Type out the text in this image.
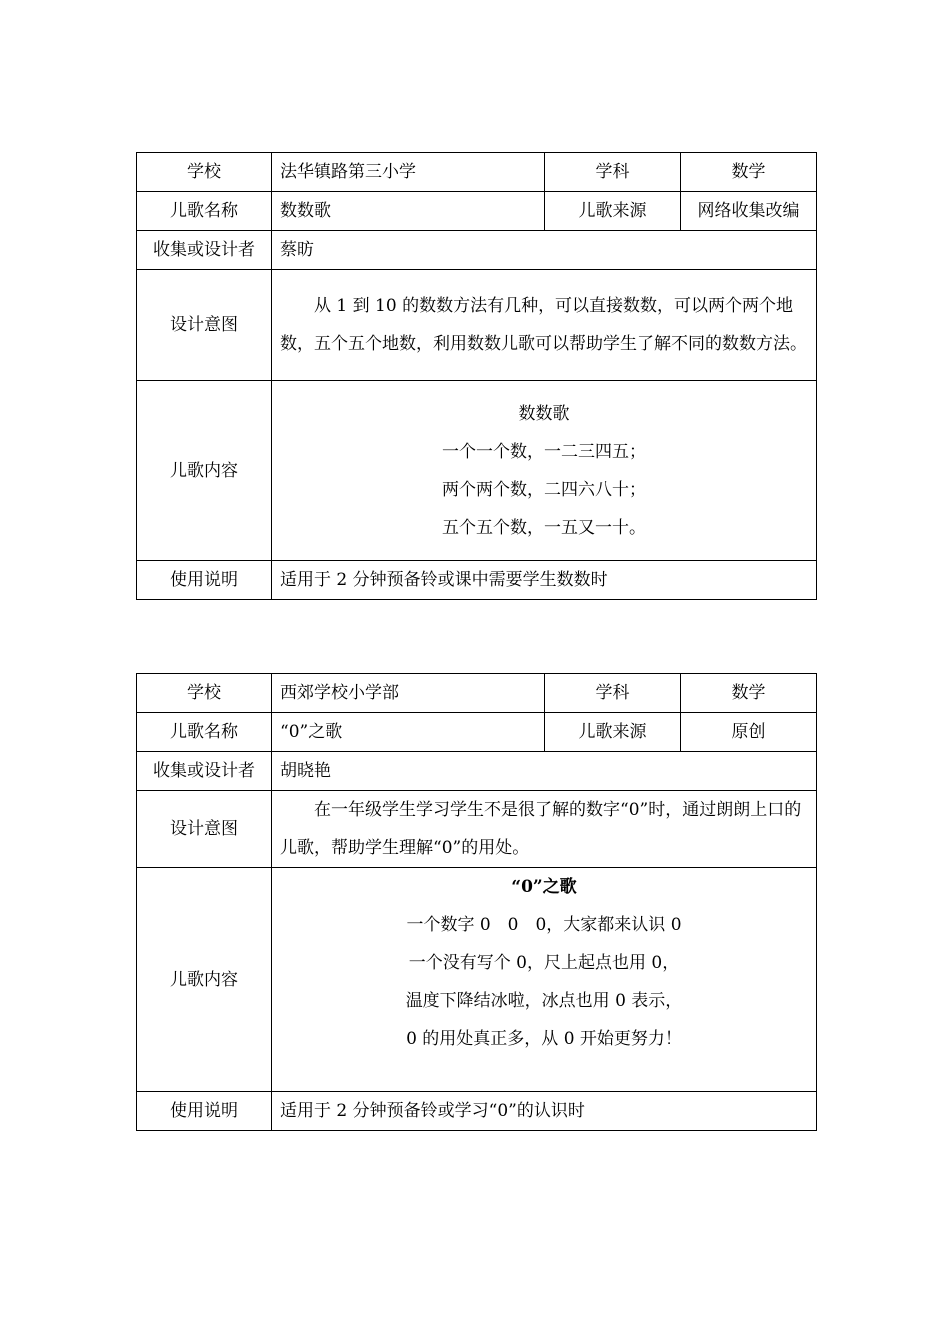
学校	法华镇路第三小学	学科	数学
儿歌名称	数数歌	儿歌来源	网络收集改编
收集或设计者	蔡昉		
设计意图	从 1 到 10 的数数方法有几种，可以直接数数，可以两个两个地数，五个五个地数，利用数数儿歌可以帮助学生了解不同的数数方法。		
儿歌内容	数数歌
一个一个数，一二三四五；
两个两个数，二四六八十；
五个五个数，一五又一十。		

使用说明	适用于 2 分钟预备铃或课中需要学生数数时		
学校	西郊学校小学部	学科	数学
儿歌名称	“0”之歌	儿歌来源	原创
收集或设计者	胡晓艳		
设计意图	在一年级学生学习学生不是很了解的数字“0”时，通过朗朗上口的儿歌，帮助学生理解“0”的用处。		
儿歌内容	“0”之歌
一个数字 0　0　0，大家都来认识 0
一个没有写个 0，尺上起点也用 0，
温度下降结冰啦，冰点也用 0 表示，
0 的用处真正多，从 0 开始更努力！		

使用说明	适用于 2 分钟预备铃或学习“0”的认识时		
